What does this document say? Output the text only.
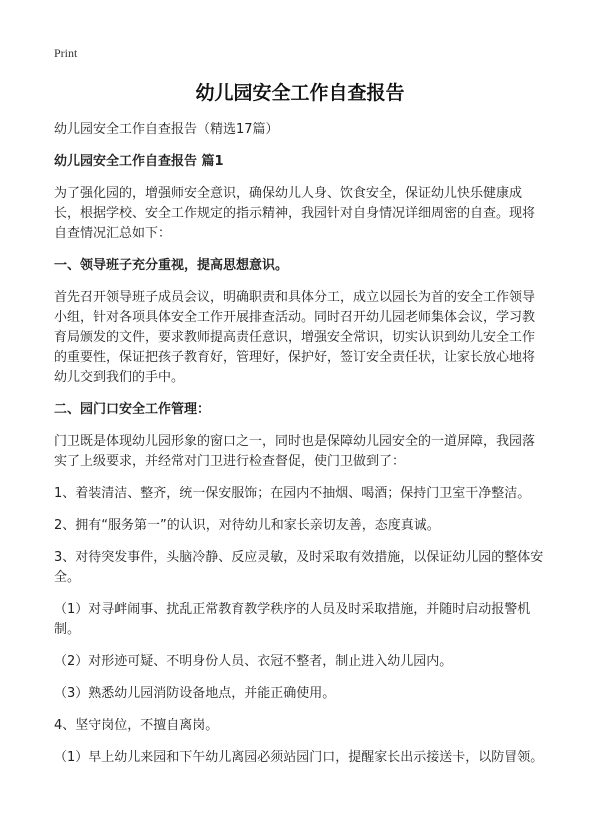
Print
幼儿园安全工作自查报告

幼儿园安全工作自查报告（精选17篇）

幼儿园安全工作自查报告 篇1

为了强化园的，增强师安全意识，确保幼儿人身、饮食安全，保证幼儿快乐健康成长，根据学校、安全工作规定的指示精神，我园针对自身情况详细周密的自查。现将自查情况汇总如下：

一、领导班子充分重视，提高思想意识。

首先召开领导班子成员会议，明确职责和具体分工，成立以园长为首的安全工作领导小组，针对各项具体安全工作开展排查活动。同时召开幼儿园老师集体会议，学习教育局颁发的文件，要求教师提高责任意识，增强安全常识，切实认识到幼儿安全工作的重要性，保证把孩子教育好，管理好，保护好，签订安全责任状，让家长放心地将幼儿交到我们的手中。

二、园门口安全工作管理：

门卫既是体现幼儿园形象的窗口之一，同时也是保障幼儿园安全的一道屏障，我园落实了上级要求，并经常对门卫进行检查督促，使门卫做到了：

1、着装清洁、整齐，统一保安服饰；在园内不抽烟、喝酒；保持门卫室干净整洁。

2、拥有“服务第一”的认识，对待幼儿和家长亲切友善，态度真诚。

3、对待突发事件，头脑冷静、反应灵敏，及时采取有效措施，以保证幼儿园的整体安全。

（1）对寻衅闹事、扰乱正常教育教学秩序的人员及时采取措施，并随时启动报警机制。

（2）对形迹可疑、不明身份人员、衣冠不整者，制止进入幼儿园内。

（3）熟悉幼儿园消防设备地点，并能正确使用。

4、坚守岗位，不擅自离岗。

（1）早上幼儿来园和下午幼儿离园必须站园门口，提醒家长出示接送卡，以防冒领。
